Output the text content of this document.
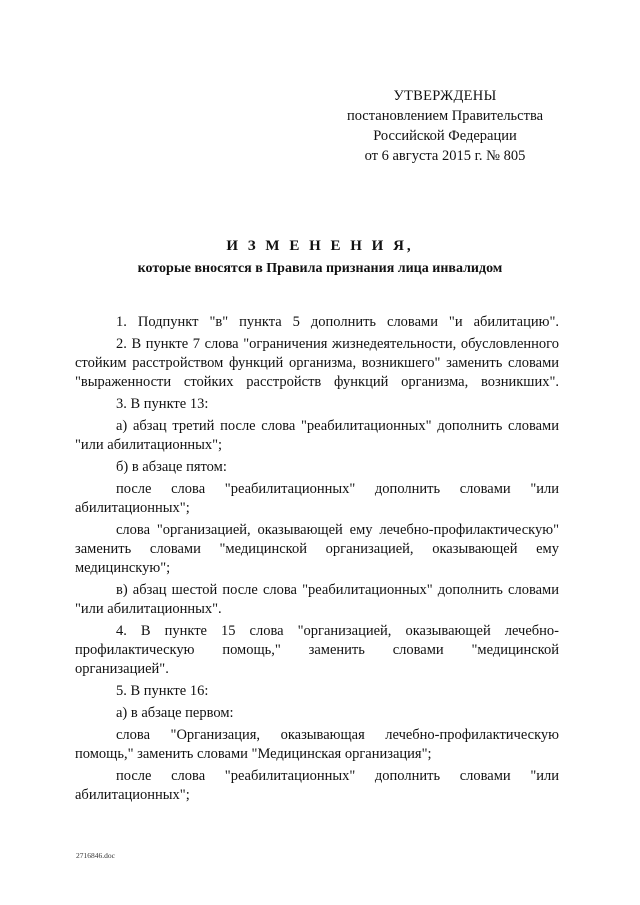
УТВЕРЖДЕНЫ
постановлением Правительства
Российской Федерации
от 6 августа 2015 г. № 805
И З М Е Н Е Н И Я,
которые вносятся в Правила признания лица инвалидом
1. Подпункт "в" пункта 5 дополнить словами "и абилитацию".
2. В пункте 7 слова "ограничения жизнедеятельности, обусловленного стойким расстройством функций организма, возникшего" заменить словами "выраженности стойких расстройств функций организма, возникших".
3. В пункте 13:
а) абзац третий после слова "реабилитационных" дополнить словами "или абилитационных";
б) в абзаце пятом:
после слова "реабилитационных" дополнить словами "или абилитационных";
слова "организацией, оказывающей ему лечебно-профилактическую" заменить словами "медицинской организацией, оказывающей ему медицинскую";
в) абзац шестой после слова "реабилитационных" дополнить словами "или абилитационных".
4. В пункте 15 слова "организацией, оказывающей лечебно- профилактическую помощь," заменить словами "медицинской организацией".
5. В пункте 16:
а) в абзаце первом:
слова "Организация, оказывающая лечебно-профилактическую помощь," заменить словами "Медицинская организация";
после слова "реабилитационных" дополнить словами "или абилитационных";
2716846.doc
